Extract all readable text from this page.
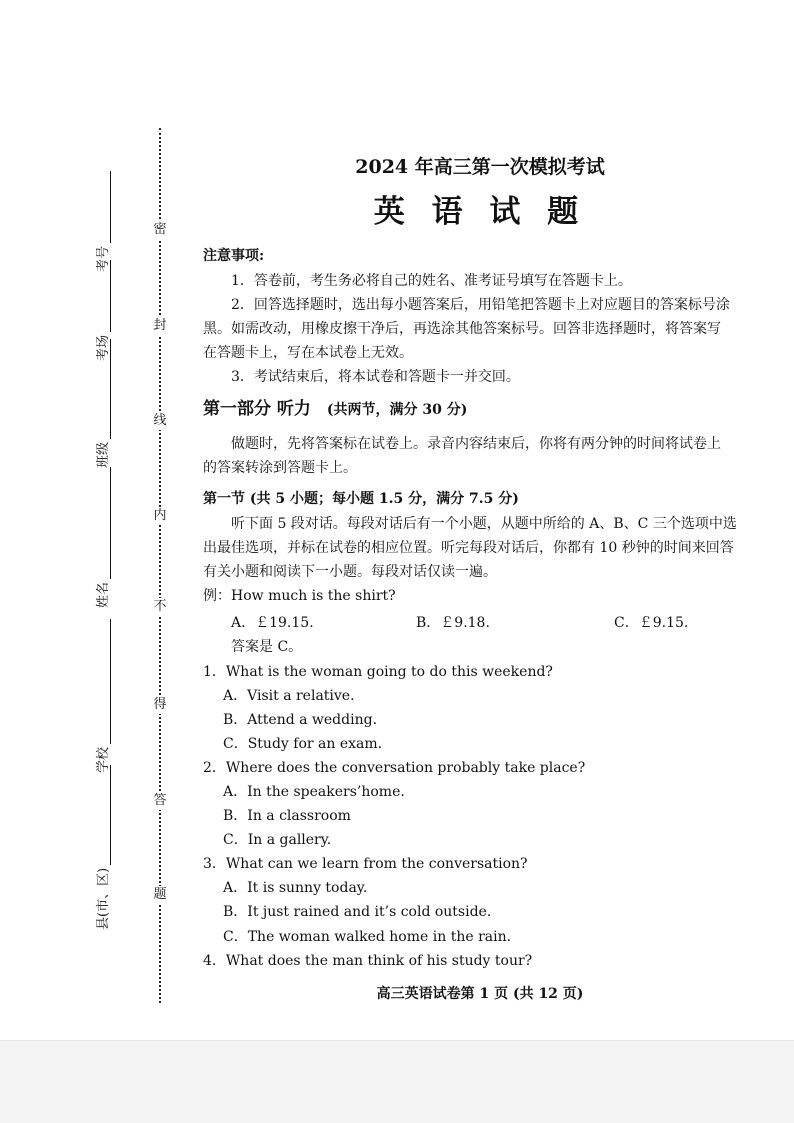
密
封
线
内
不
得
答
题
县(市、区)
学校
姓名
班级
考场
考号
2024 年高三第一次模拟考试
英 语 试 题
注意事项:
1．答卷前，考生务必将自己的姓名、准考证号填写在答题卡上。
2．回答选择题时，选出每小题答案后，用铅笔把答题卡上对应题目的答案标号涂
黑。如需改动，用橡皮擦干净后，再选涂其他答案标号。回答非选择题时，将答案写
在答题卡上，写在本试卷上无效。
3．考试结束后，将本试卷和答题卡一并交回。
第一部分 听力 (共两节，满分 30 分)
做题时，先将答案标在试卷上。录音内容结束后，你将有两分钟的时间将试卷上
的答案转涂到答题卡上。
第一节 (共 5 小题；每小题 1.5 分，满分 7.5 分)
听下面 5 段对话。每段对话后有一个小题，从题中所给的 A、B、C 三个选项中选
出最佳选项，并标在试卷的相应位置。听完每段对话后，你都有 10 秒钟的时间来回答
有关小题和阅读下一小题。每段对话仅读一遍。
例：How much is the shirt?
A．￡19.15.	B．￡9.18.	C．￡9.15.
答案是 C。
1．What is the woman going to do this weekend?
A．Visit a relative.
B．Attend a wedding.
C．Study for an exam.
2．Where does the conversation probably take place?
A．In the speakers’home.
B．In a classroom
C．In a gallery.
3．What can we learn from the conversation?
A．It is sunny today.
B．It just rained and it’s cold outside.
C．The woman walked home in the rain.
4．What does the man think of his study tour?
高三英语试卷第 1 页 (共 12 页)
